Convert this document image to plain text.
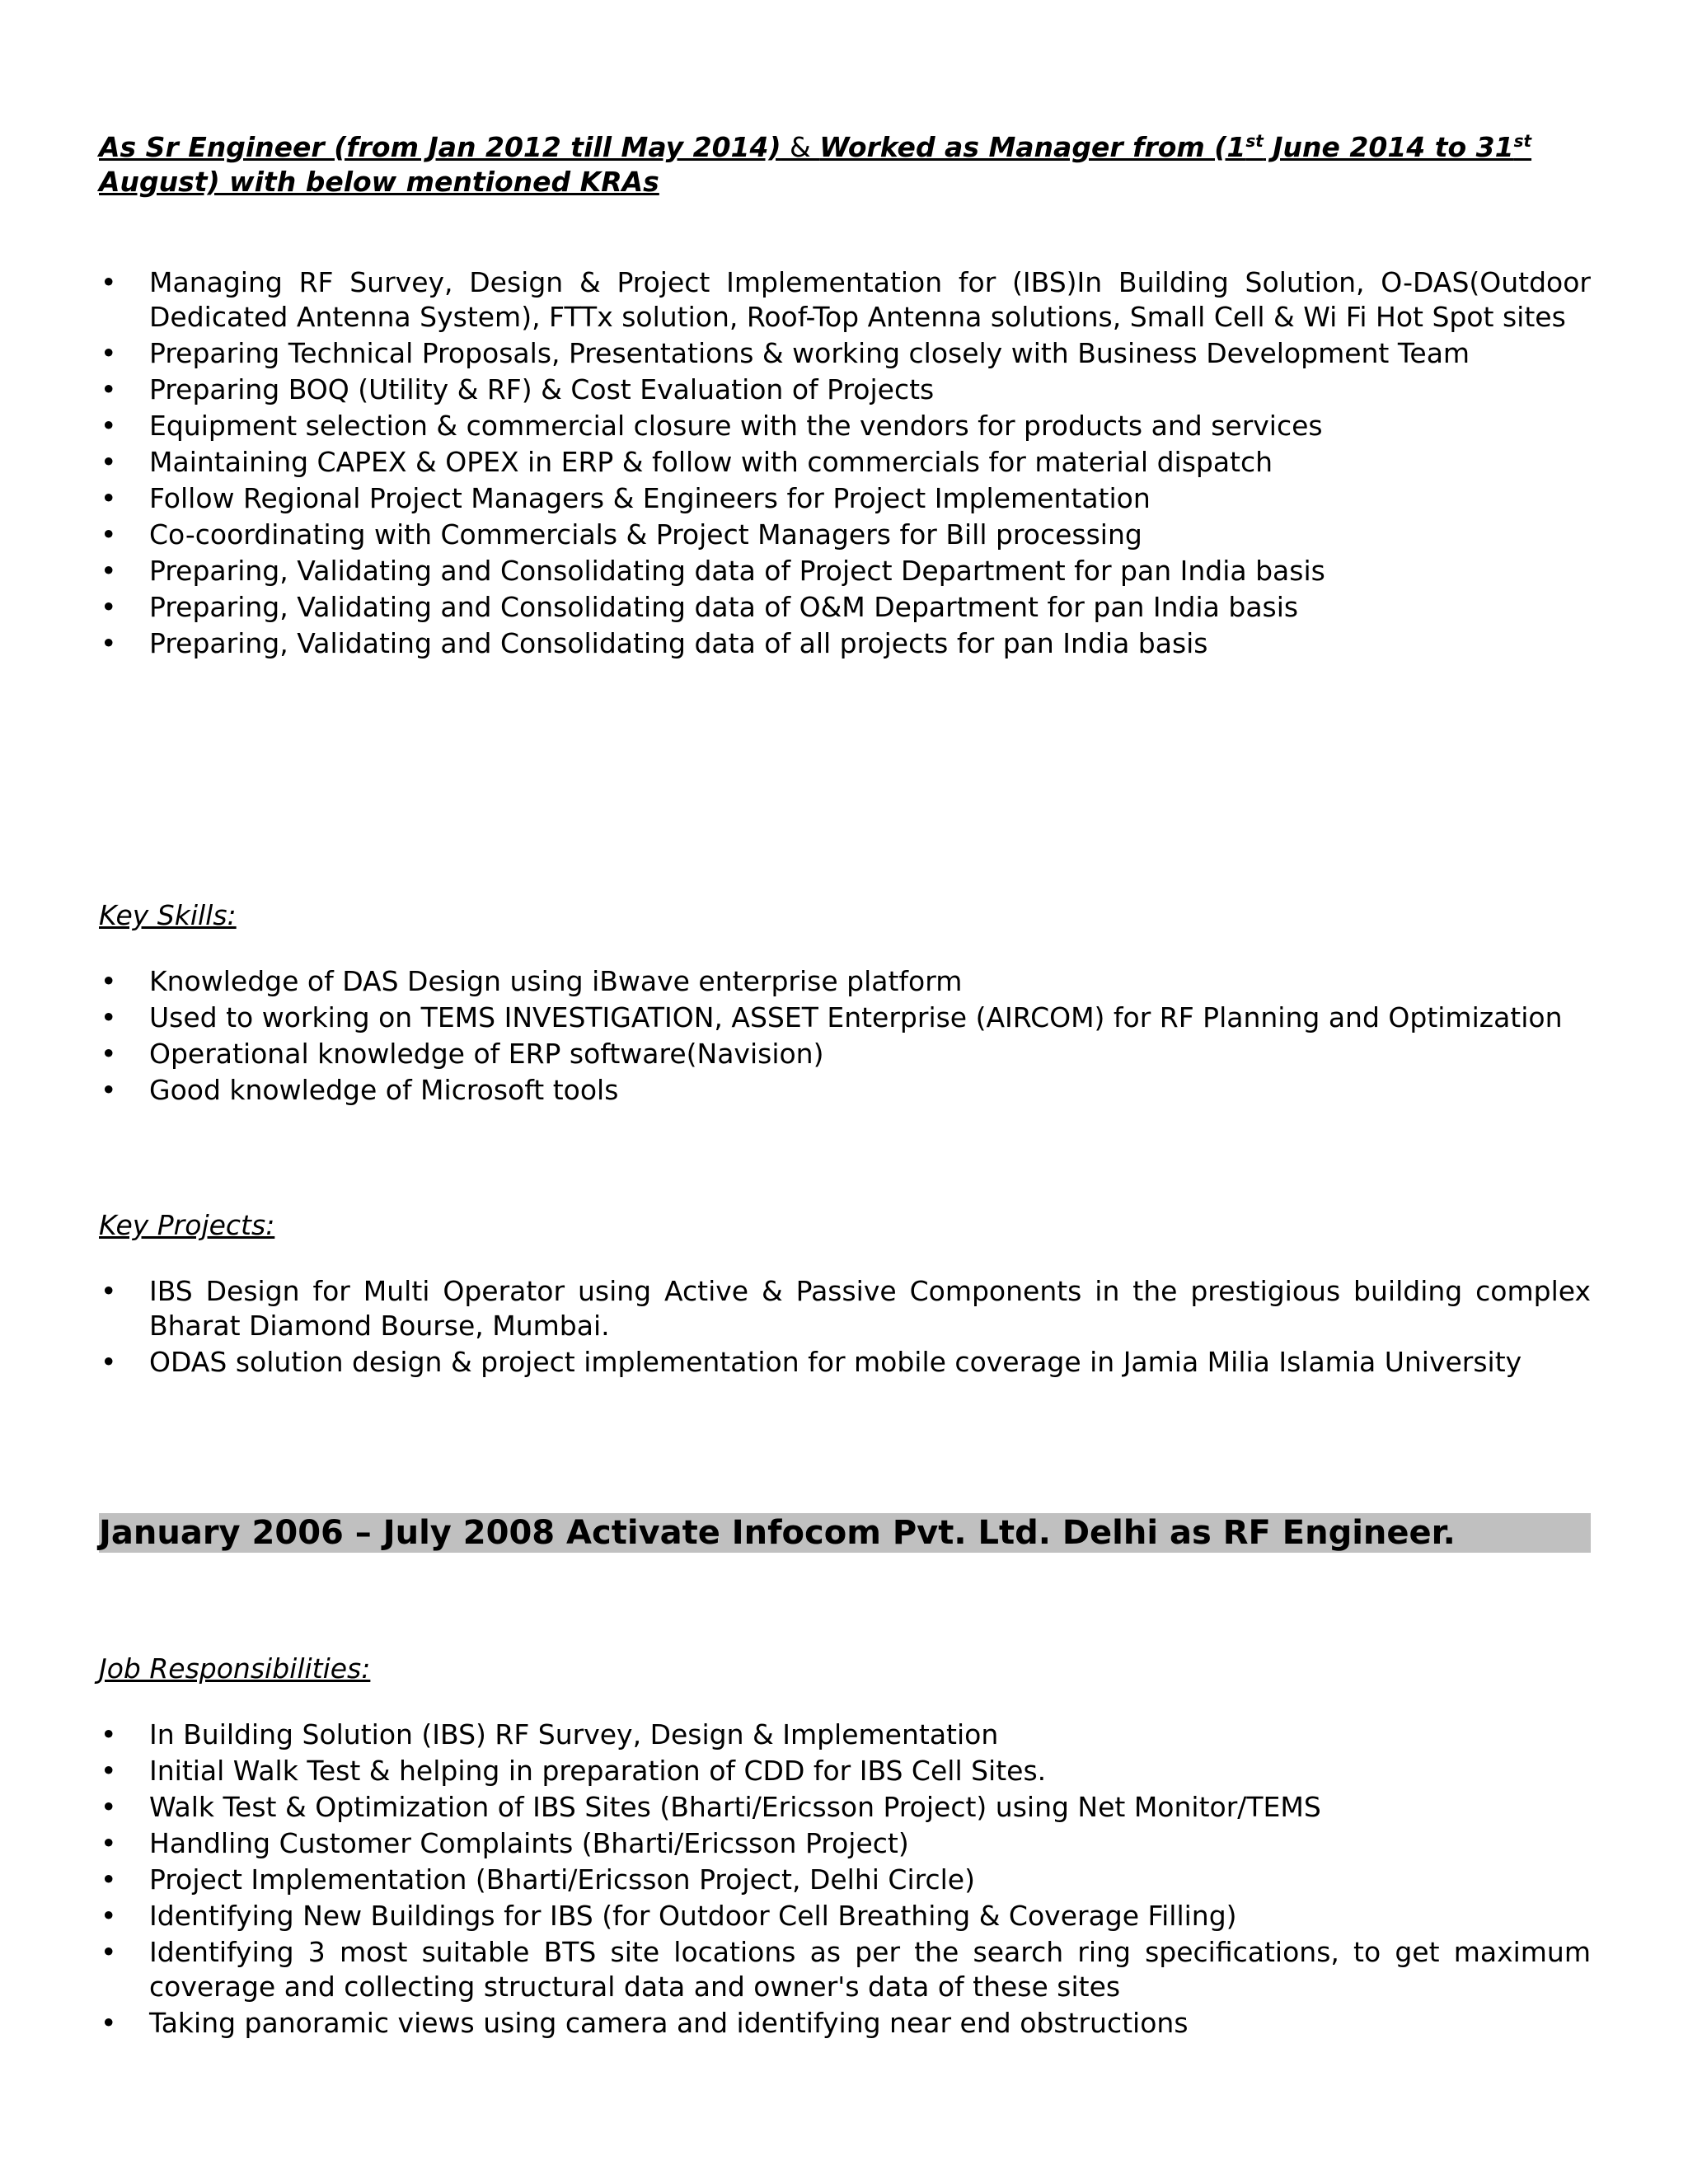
As Sr Engineer (from Jan 2012 till May 2014) & Worked as Manager from (1st June 2014 to 31st
August) with below mentioned KRAs
• Managing RF Survey, Design & Project Implementation for (IBS)In Building Solution, O-DAS(Outdoor Dedicated Antenna System), FTTx solution, Roof-Top Antenna solutions, Small Cell & Wi Fi Hot Spot sites
• Preparing Technical Proposals, Presentations & working closely with Business Development Team
• Preparing BOQ (Utility & RF) & Cost Evaluation of Projects
• Equipment selection & commercial closure with the vendors for products and services
• Maintaining CAPEX & OPEX in ERP & follow with commercials for material dispatch
• Follow Regional Project Managers & Engineers for Project Implementation
• Co-coordinating with Commercials & Project Managers for Bill processing
• Preparing, Validating and Consolidating data of Project Department for pan India basis
• Preparing, Validating and Consolidating data of O&M Department for pan India basis
• Preparing, Validating and Consolidating data of all projects for pan India basis
Key Skills:
• Knowledge of DAS Design using iBwave enterprise platform
• Used to working on TEMS INVESTIGATION, ASSET Enterprise (AIRCOM) for RF Planning and Optimization
• Operational knowledge of ERP software(Navision)
• Good knowledge of Microsoft tools
Key Projects:
• IBS Design for Multi Operator using Active & Passive Components in the prestigious building complex Bharat Diamond Bourse, Mumbai.
• ODAS solution design & project implementation for mobile coverage in Jamia Milia Islamia University
January 2006 – July 2008 Activate Infocom Pvt. Ltd. Delhi as RF Engineer.
Job Responsibilities:
• In Building Solution (IBS) RF Survey, Design & Implementation
• Initial Walk Test & helping in preparation of CDD for IBS Cell Sites.
• Walk Test & Optimization of IBS Sites (Bharti/Ericsson Project) using Net Monitor/TEMS
• Handling Customer Complaints (Bharti/Ericsson Project)
• Project Implementation (Bharti/Ericsson Project, Delhi Circle)
• Identifying New Buildings for IBS (for Outdoor Cell Breathing & Coverage Filling)
• Identifying 3 most suitable BTS site locations as per the search ring specifications, to get maximum coverage and collecting structural data and owner's data of these sites
• Taking panoramic views using camera and identifying near end obstructions
